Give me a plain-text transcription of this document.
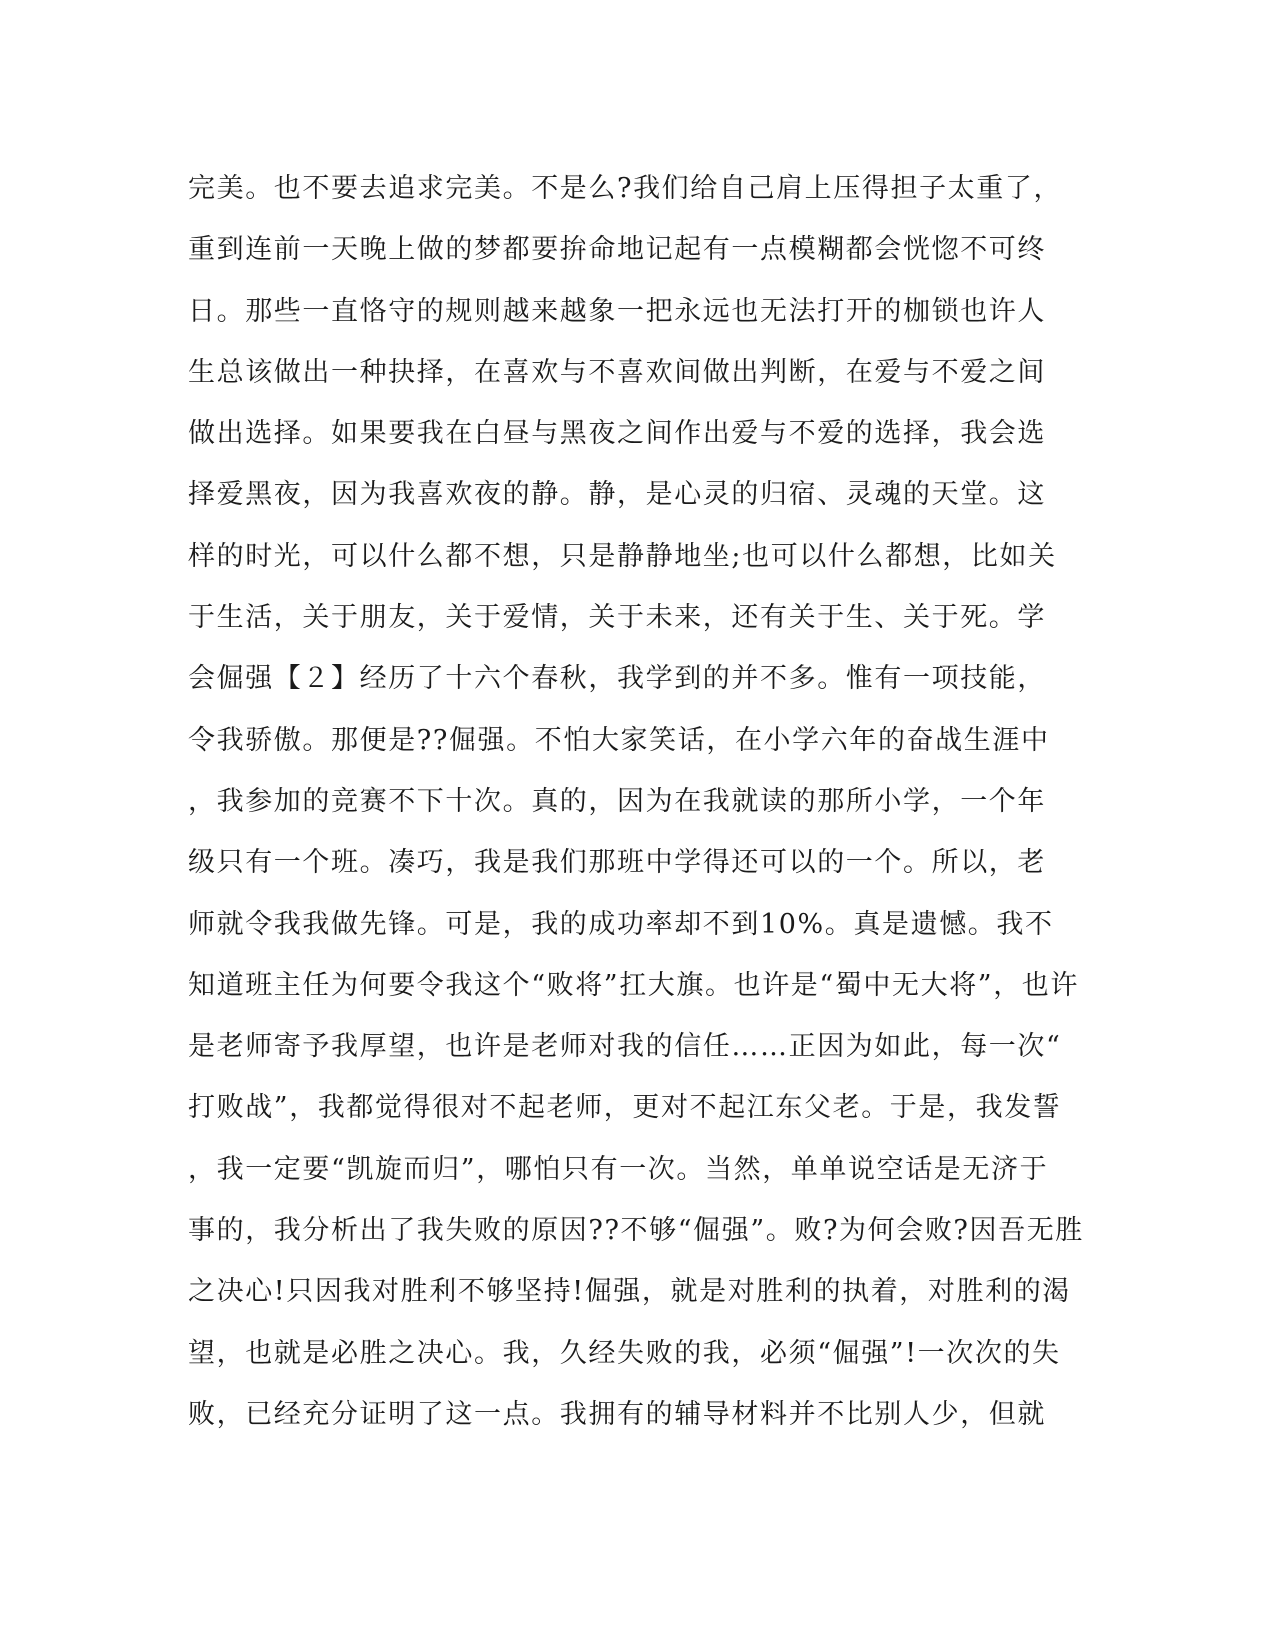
完美。也不要去追求完美。不是么?我们给自己肩上压得担子太重了，
重到连前一天晚上做的梦都要拚命地记起有一点模糊都会恍惚不可终
日。那些一直恪守的规则越来越象一把永远也无法打开的枷锁也许人
生总该做出一种抉择，在喜欢与不喜欢间做出判断，在爱与不爱之间
做出选择。如果要我在白昼与黑夜之间作出爱与不爱的选择，我会选
择爱黑夜，因为我喜欢夜的静。静，是心灵的归宿、灵魂的天堂。这
样的时光，可以什么都不想，只是静静地坐;也可以什么都想，比如关
于生活，关于朋友，关于爱情，关于未来，还有关于生、关于死。学
会倔强【２】经历了十六个春秋，我学到的并不多。惟有一项技能，
令我骄傲。那便是??倔强。不怕大家笑话，在小学六年的奋战生涯中
，我参加的竞赛不下十次。真的，因为在我就读的那所小学，一个年
级只有一个班。凑巧，我是我们那班中学得还可以的一个。所以，老
师就令我我做先锋。可是，我的成功率却不到10%。真是遗憾。我不
知道班主任为何要令我这个“败将”扛大旗。也许是“蜀中无大将”，也许
是老师寄予我厚望，也许是老师对我的信任……正因为如此，每一次“
打败战”，我都觉得很对不起老师，更对不起江东父老。于是，我发誓
，我一定要“凯旋而归”，哪怕只有一次。当然，单单说空话是无济于
事的，我分析出了我失败的原因??不够“倔强”。败?为何会败?因吾无胜
之决心!只因我对胜利不够坚持!倔强，就是对胜利的执着，对胜利的渴
望，也就是必胜之决心。我，久经失败的我，必须“倔强”!一次次的失
败，已经充分证明了这一点。我拥有的辅导材料并不比别人少，但就
